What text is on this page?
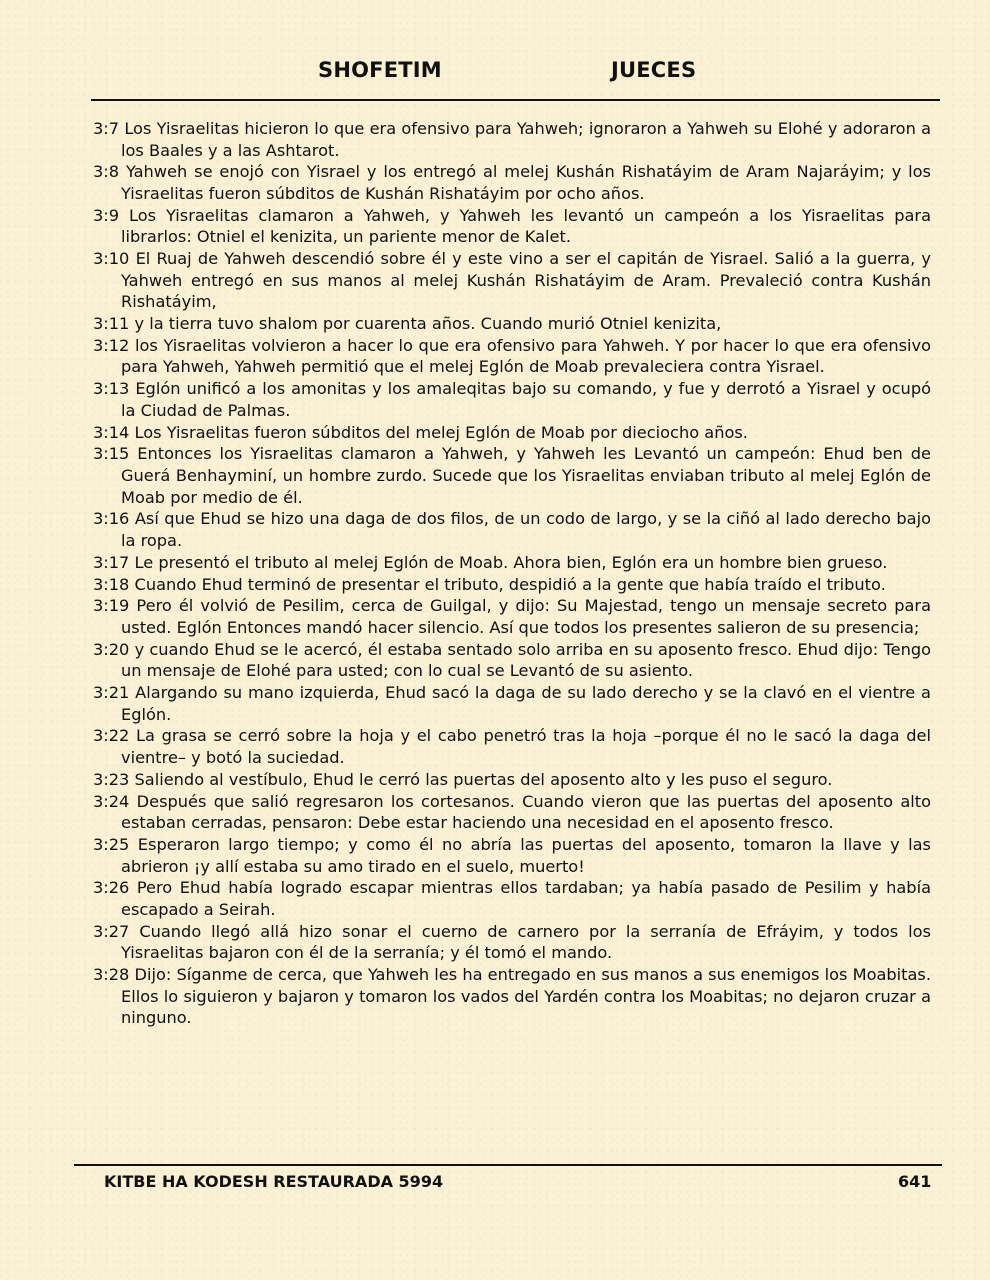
SHOFETIM	JUECES

3:7 Los Yisraelitas hicieron lo que era ofensivo para Yahweh; ignoraron a Yahweh su Elohé y adoraron a los Baales y a las Ashtarot.

3:8 Yahweh se enojó con Yisrael y los entregó al melej Kushán Rishatáyim de Aram Najaráyim; y los Yisraelitas fueron súbditos de Kushán Rishatáyim por ocho años.

3:9 Los Yisraelitas clamaron a Yahweh, y Yahweh les levantó un campeón a los Yisraelitas para librarlos: Otniel el kenizita, un pariente menor de Kalet.

3:10 El Ruaj de Yahweh descendió sobre él y este vino a ser el capitán de Yisrael. Salió a la guerra, y Yahweh entregó en sus manos al melej Kushán Rishatáyim de Aram. Prevaleció contra Kushán Rishatáyim,

3:11 y la tierra tuvo shalom por cuarenta años. Cuando murió Otniel kenizita,

3:12 los Yisraelitas volvieron a hacer lo que era ofensivo para Yahweh. Y por hacer lo que era ofensivo para Yahweh, Yahweh permitió que el melej Eglón de Moab prevaleciera contra Yisrael.

3:13 Eglón unificó a los amonitas y los amaleqitas bajo su comando, y fue y derrotó a Yisrael y ocupó la Ciudad de Palmas.

3:14 Los Yisraelitas fueron súbditos del melej Eglón de Moab por dieciocho años.

3:15 Entonces los Yisraelitas clamaron a Yahweh, y Yahweh les Levantó un campeón: Ehud ben de Guerá Benhayminí, un hombre zurdo. Sucede que los Yisraelitas enviaban tributo al melej Eglón de Moab por medio de él.

3:16 Así que Ehud se hizo una daga de dos filos, de un codo de largo, y se la ciñó al lado derecho bajo la ropa.

3:17 Le presentó el tributo al melej Eglón de Moab. Ahora bien, Eglón era un hombre bien grueso.

3:18 Cuando Ehud terminó de presentar el tributo, despidió a la gente que había traído el tributo.

3:19 Pero él volvió de Pesilim, cerca de Guilgal, y dijo: Su Majestad, tengo un mensaje secreto para usted. Eglón Entonces mandó hacer silencio. Así que todos los presentes salieron de su presencia;

3:20 y cuando Ehud se le acercó, él estaba sentado solo arriba en su aposento fresco. Ehud dijo: Tengo un mensaje de Elohé para usted; con lo cual se Levantó de su asiento.

3:21 Alargando su mano izquierda, Ehud sacó la daga de su lado derecho y se la clavó en el vientre a Eglón.

3:22 La grasa se cerró sobre la hoja y el cabo penetró tras la hoja –porque él no le sacó la daga del vientre– y botó la suciedad.

3:23 Saliendo al vestíbulo, Ehud le cerró las puertas del aposento alto y les puso el seguro.

3:24 Después que salió regresaron los cortesanos. Cuando vieron que las puertas del aposento alto estaban cerradas, pensaron: Debe estar haciendo una necesidad en el aposento fresco.

3:25 Esperaron largo tiempo; y como él no abría las puertas del aposento, tomaron la llave y las abrieron ¡y allí estaba su amo tirado en el suelo, muerto!

3:26 Pero Ehud había logrado escapar mientras ellos tardaban; ya había pasado de Pesilim y había escapado a Seirah.

3:27 Cuando llegó allá hizo sonar el cuerno de carnero por la serranía de Efráyim, y todos los Yisraelitas bajaron con él de la serranía; y él tomó el mando.

3:28 Dijo: Síganme de cerca, que Yahweh les ha entregado en sus manos a sus enemigos los Moabitas. Ellos lo siguieron y bajaron y tomaron los vados del Yardén contra los Moabitas; no dejaron cruzar a ninguno.

KITBE HA KODESH RESTAURADA 5994	641
